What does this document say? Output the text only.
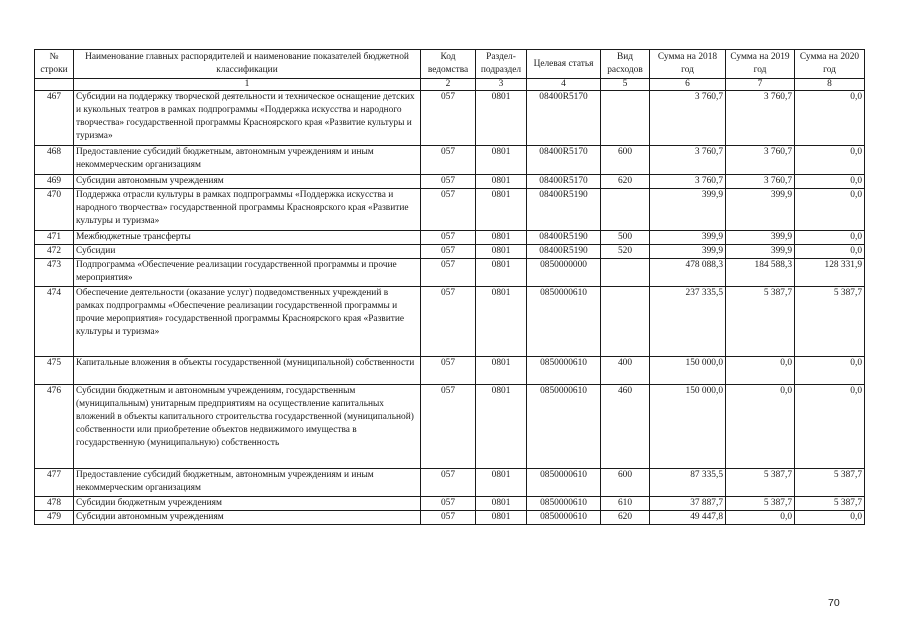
№ строки	Наименование главных распорядителей и наименование показателей бюджетной классификации	Код ведомства	Раздел-подраздел	Целевая статья	Вид расходов	Сумма на 2018 год	Сумма на 2019 год	Сумма на 2020 год
	1	2	3	4	5	6	7	8
467	Субсидии на поддержку творческой деятельности и техническое оснащение детских и кукольных театров в рамках подпрограммы «Поддержка искусства и народного творчества» государственной программы Красноярского края «Развитие культуры и туризма»	057	0801	08400R5170		3 760,7	3 760,7	0,0
468	Предоставление субсидий бюджетным, автономным учреждениям и иным некоммерческим организациям	057	0801	08400R5170	600	3 760,7	3 760,7	0,0
469	Субсидии автономным учреждениям	057	0801	08400R5170	620	3 760,7	3 760,7	0,0
470	Поддержка отрасли культуры в рамках подпрограммы «Поддержка искусства и народного творчества» государственной программы Красноярского края «Развитие культуры и туризма»	057	0801	08400R5190		399,9	399,9	0,0
471	Межбюджетные трансферты	057	0801	08400R5190	500	399,9	399,9	0,0
472	Субсидии	057	0801	08400R5190	520	399,9	399,9	0,0
473	Подпрограмма «Обеспечение реализации государственной программы и прочие мероприятия»	057	0801	0850000000		478 088,3	184 588,3	128 331,9
474	Обеспечение деятельности (оказание услуг) подведомственных учреждений в рамках подпрограммы «Обеспечение реализации государственной программы и прочие мероприятия» государственной программы Красноярского края «Развитие культуры и туризма»	057	0801	0850000610		237 335,5	5 387,7	5 387,7
475	Капитальные вложения в объекты государственной (муниципальной) собственности	057	0801	0850000610	400	150 000,0	0,0	0,0
476	Субсидии бюджетным и автономным учреждениям, государственным (муниципальным) унитарным предприятиям на осуществление капитальных вложений в объекты капитального строительства государственной (муниципальной) собственности или приобретение объектов недвижимого имущества в государственную (муниципальную) собственность	057	0801	0850000610	460	150 000,0	0,0	0,0
477	Предоставление субсидий бюджетным, автономным учреждениям и иным некоммерческим организациям	057	0801	0850000610	600	87 335,5	5 387,7	5 387,7
478	Субсидии бюджетным учреждениям	057	0801	0850000610	610	37 887,7	5 387,7	5 387,7
479	Субсидии автономным учреждениям	057	0801	0850000610	620	49 447,8	0,0	0,0
70
